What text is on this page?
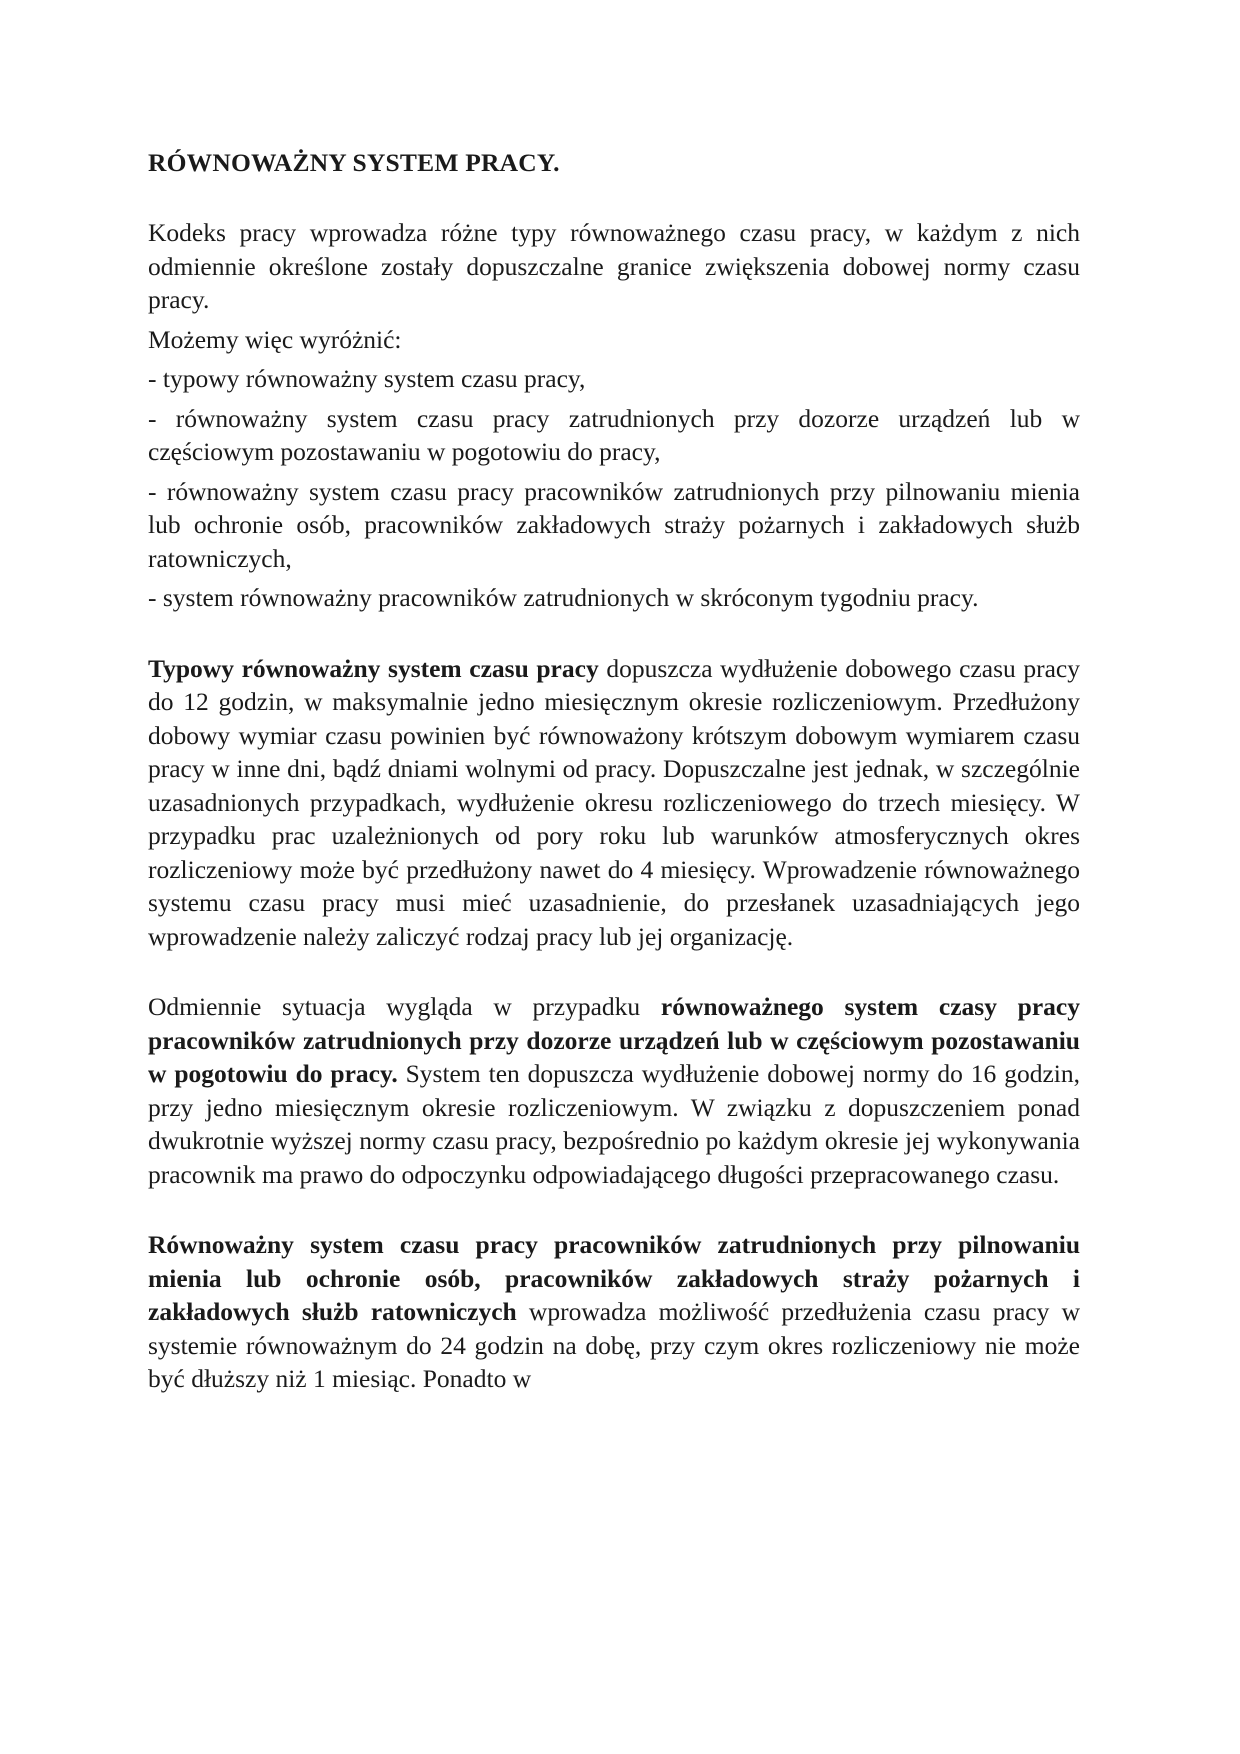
RÓWNOWAŻNY SYSTEM PRACY.

Kodeks pracy wprowadza różne typy równoważnego czasu pracy, w każdym z nich odmiennie określone zostały dopuszczalne granice zwiększenia dobowej normy czasu pracy.

Możemy więc wyróżnić:

- typowy równoważny system czasu pracy,

- równoważny system czasu pracy zatrudnionych przy dozorze urządzeń lub w częściowym pozostawaniu w pogotowiu do pracy,

- równoważny system czasu pracy pracowników zatrudnionych przy pilnowaniu mienia lub ochronie osób, pracowników zakładowych straży pożarnych i zakładowych służb ratowniczych,

- system równoważny pracowników zatrudnionych w skróconym tygodniu pracy.

Typowy równoważny system czasu pracy dopuszcza wydłużenie dobowego czasu pracy do 12 godzin, w maksymalnie jedno miesięcznym okresie rozliczeniowym. Przedłużony dobowy wymiar czasu powinien być równoważony krótszym dobowym wymiarem czasu pracy w inne dni, bądź dniami wolnymi od pracy. Dopuszczalne jest jednak, w szczególnie uzasadnionych przypadkach, wydłużenie okresu rozliczeniowego do trzech miesięcy. W przypadku prac uzależnionych od pory roku lub warunków atmosferycznych okres rozliczeniowy może być przedłużony nawet do 4 miesięcy. Wprowadzenie równoważnego systemu czasu pracy musi mieć uzasadnienie, do przesłanek uzasadniających jego wprowadzenie należy zaliczyć rodzaj pracy lub jej organizację.

Odmiennie sytuacja wygląda w przypadku równoważnego system czasy pracy pracowników zatrudnionych przy dozorze urządzeń lub w częściowym pozostawaniu w pogotowiu do pracy. System ten dopuszcza wydłużenie dobowej normy do 16 godzin, przy jedno miesięcznym okresie rozliczeniowym. W związku z dopuszczeniem ponad dwukrotnie wyższej normy czasu pracy, bezpośrednio po każdym okresie jej wykonywania pracownik ma prawo do odpoczynku odpowiadającego długości przepracowanego czasu.

Równoważny system czasu pracy pracowników zatrudnionych przy pilnowaniu mienia lub ochronie osób, pracowników zakładowych straży pożarnych i zakładowych służb ratowniczych wprowadza możliwość przedłużenia czasu pracy w systemie równoważnym do 24 godzin na dobę, przy czym okres rozliczeniowy nie może być dłuższy niż 1 miesiąc. Ponadto w
